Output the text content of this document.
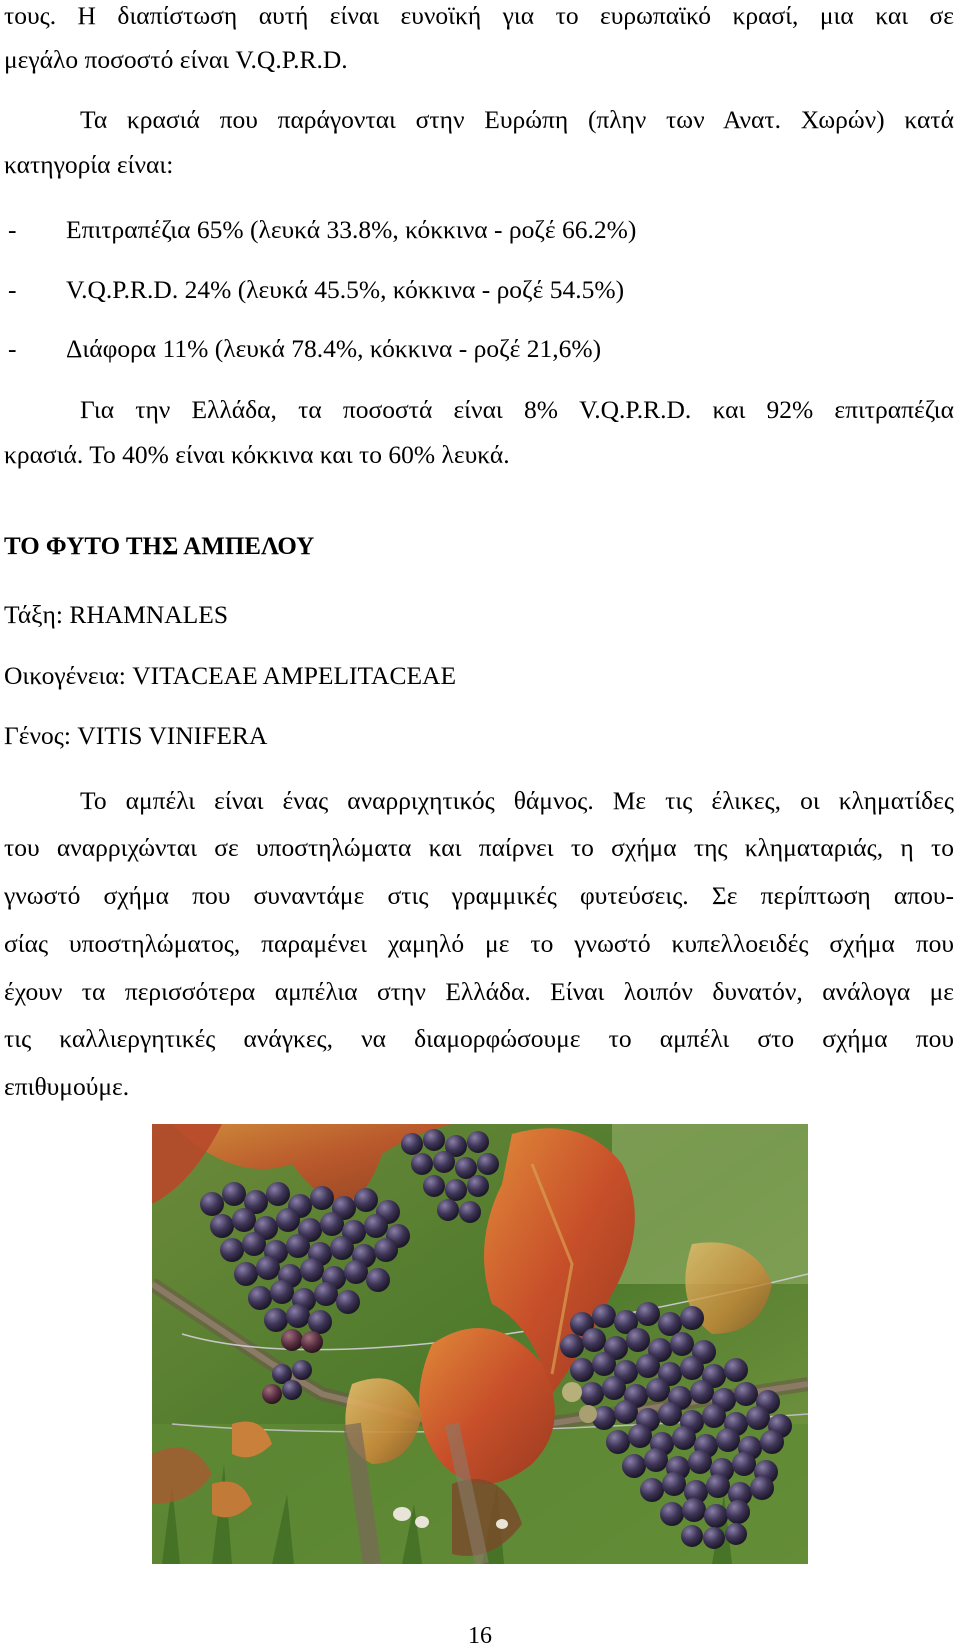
τους. Η διαπίστωση αυτή είναι ευνοϊκή για το ευρωπαϊκό κρασί, μια και σε

μεγάλο ποσοστό είναι V.Q.P.R.D.

Τα κρασιά που παράγονται στην Ευρώπη (πλην των Ανατ. Χωρών) κατά

κατηγορία είναι:

- Επιτραπέζια 65% (λευκά 33.8%, κόκκινα - ροζέ 66.2%)
- V.Q.P.R.D. 24% (λευκά 45.5%, κόκκινα - ροζέ 54.5%)
- Διάφορα 11% (λευκά 78.4%, κόκκινα - ροζέ 21,6%)

Για την Ελλάδα, τα ποσοστά είναι 8% V.Q.P.R.D. και 92% επιτραπέζια

κρασιά. Το 40% είναι κόκκινα και το 60% λευκά.

ΤΟ ΦΥΤΟ ΤΗΣ ΑΜΠΕΛΟΥ

Τάξη: RHAMNALES

Οικογένεια: VITACEAE AMPELITACEAE

Γένος: VITIS VINIFERA

Το αμπέλι είναι ένας αναρριχητικός θάμνος. Με τις έλικες, οι κληματίδες

του αναρριχώνται σε υποστηλώματα και παίρνει το σχήμα της κληματαριάς, η το

γνωστό σχήμα που συναντάμε στις γραμμικές φυτεύσεις. Σε περίπτωση απου-

σίας υποστηλώματος, παραμένει χαμηλό με το γνωστό κυπελλοειδές σχήμα που

έχουν τα περισσότερα αμπέλια στην Ελλάδα. Είναι λοιπόν δυνατόν, ανάλογα με

τις καλλιεργητικές ανάγκες, να διαμορφώσουμε το αμπέλι στο σχήμα που

επιθυμούμε.

16
